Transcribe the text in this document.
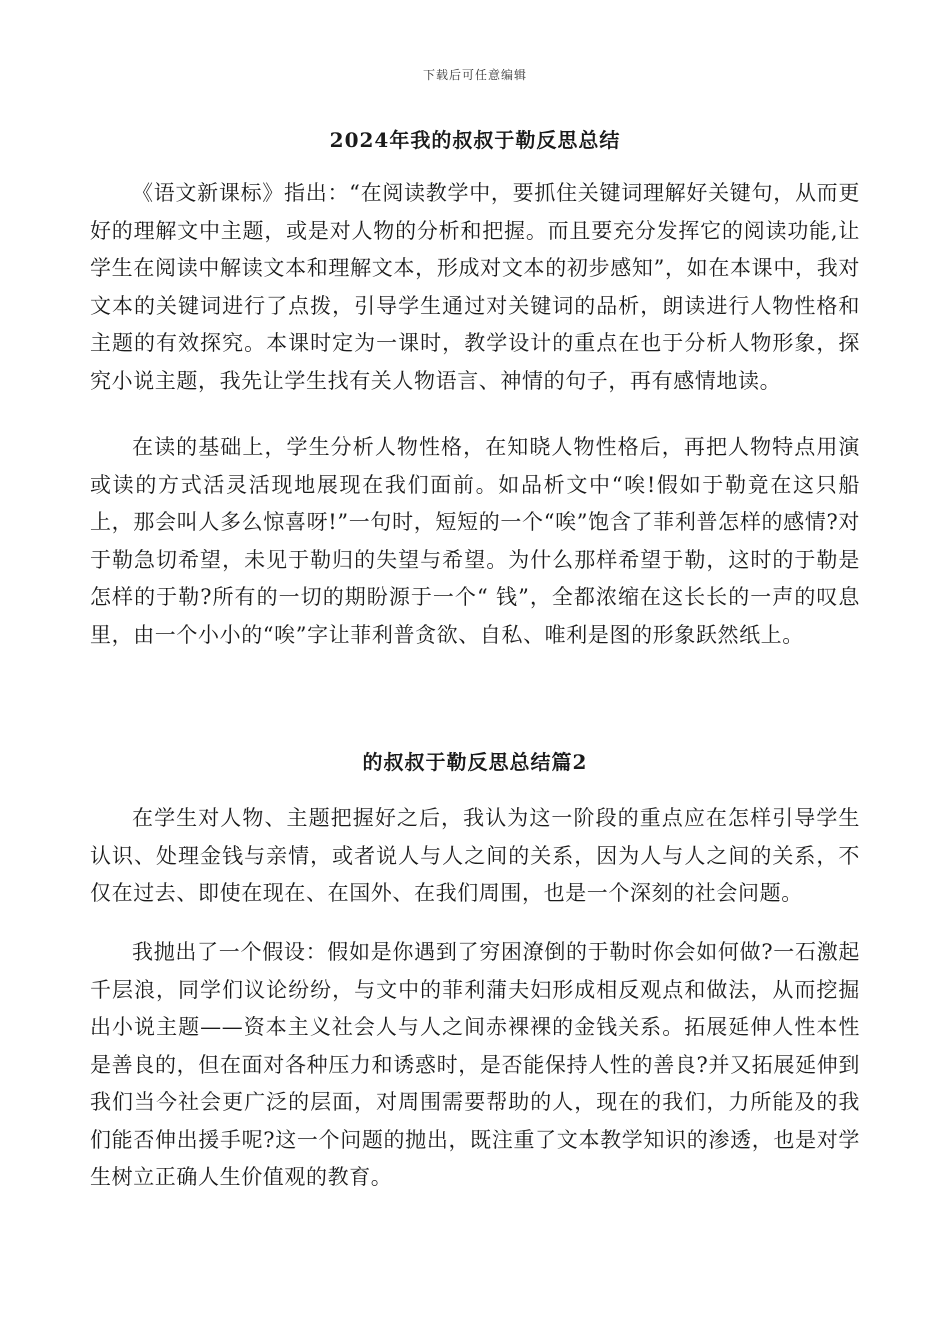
下载后可任意编辑
2024年我的叔叔于勒反思总结

《语文新课标》指出：“在阅读教学中，要抓住关键词理解好关键句，从而更好的理解文中主题，或是对人物的分析和把握。而且要充分发挥它的阅读功能,让学生在阅读中解读文本和理解文本，形成对文本的初步感知”，如在本课中，我对文本的关键词进行了点拨，引导学生通过对关键词的品析，朗读进行人物性格和主题的有效探究。本课时定为一课时，教学设计的重点在也于分析人物形象，探究小说主题，我先让学生找有关人物语言、神情的句子，再有感情地读。

在读的基础上，学生分析人物性格，在知晓人物性格后，再把人物特点用演或读的方式活灵活现地展现在我们面前。如品析文中“唉!假如于勒竟在这只船上，那会叫人多么惊喜呀!”一句时，短短的一个“唉”饱含了菲利普怎样的感情?对于勒急切希望，未见于勒归的失望与希望。为什么那样希望于勒，这时的于勒是怎样的于勒?所有的一切的期盼源于一个“ 钱”，全都浓缩在这长长的一声的叹息里，由一个小小的“唉”字让菲利普贪欲、自私、唯利是图的形象跃然纸上。

的叔叔于勒反思总结篇2

在学生对人物、主题把握好之后，我认为这一阶段的重点应在怎样引导学生认识、处理金钱与亲情，或者说人与人之间的关系，因为人与人之间的关系，不仅在过去、即使在现在、在国外、在我们周围，也是一个深刻的社会问题。

我抛出了一个假设：假如是你遇到了穷困潦倒的于勒时你会如何做?一石激起千层浪，同学们议论纷纷，与文中的菲利蒲夫妇形成相反观点和做法，从而挖掘出小说主题——资本主义社会人与人之间赤裸裸的金钱关系。拓展延伸人性本性是善良的，但在面对各种压力和诱惑时，是否能保持人性的善良?并又拓展延伸到我们当今社会更广泛的层面，对周围需要帮助的人，现在的我们，力所能及的我们能否伸出援手呢?这一个问题的抛出，既注重了文本教学知识的渗透，也是对学生树立正确人生价值观的教育。
